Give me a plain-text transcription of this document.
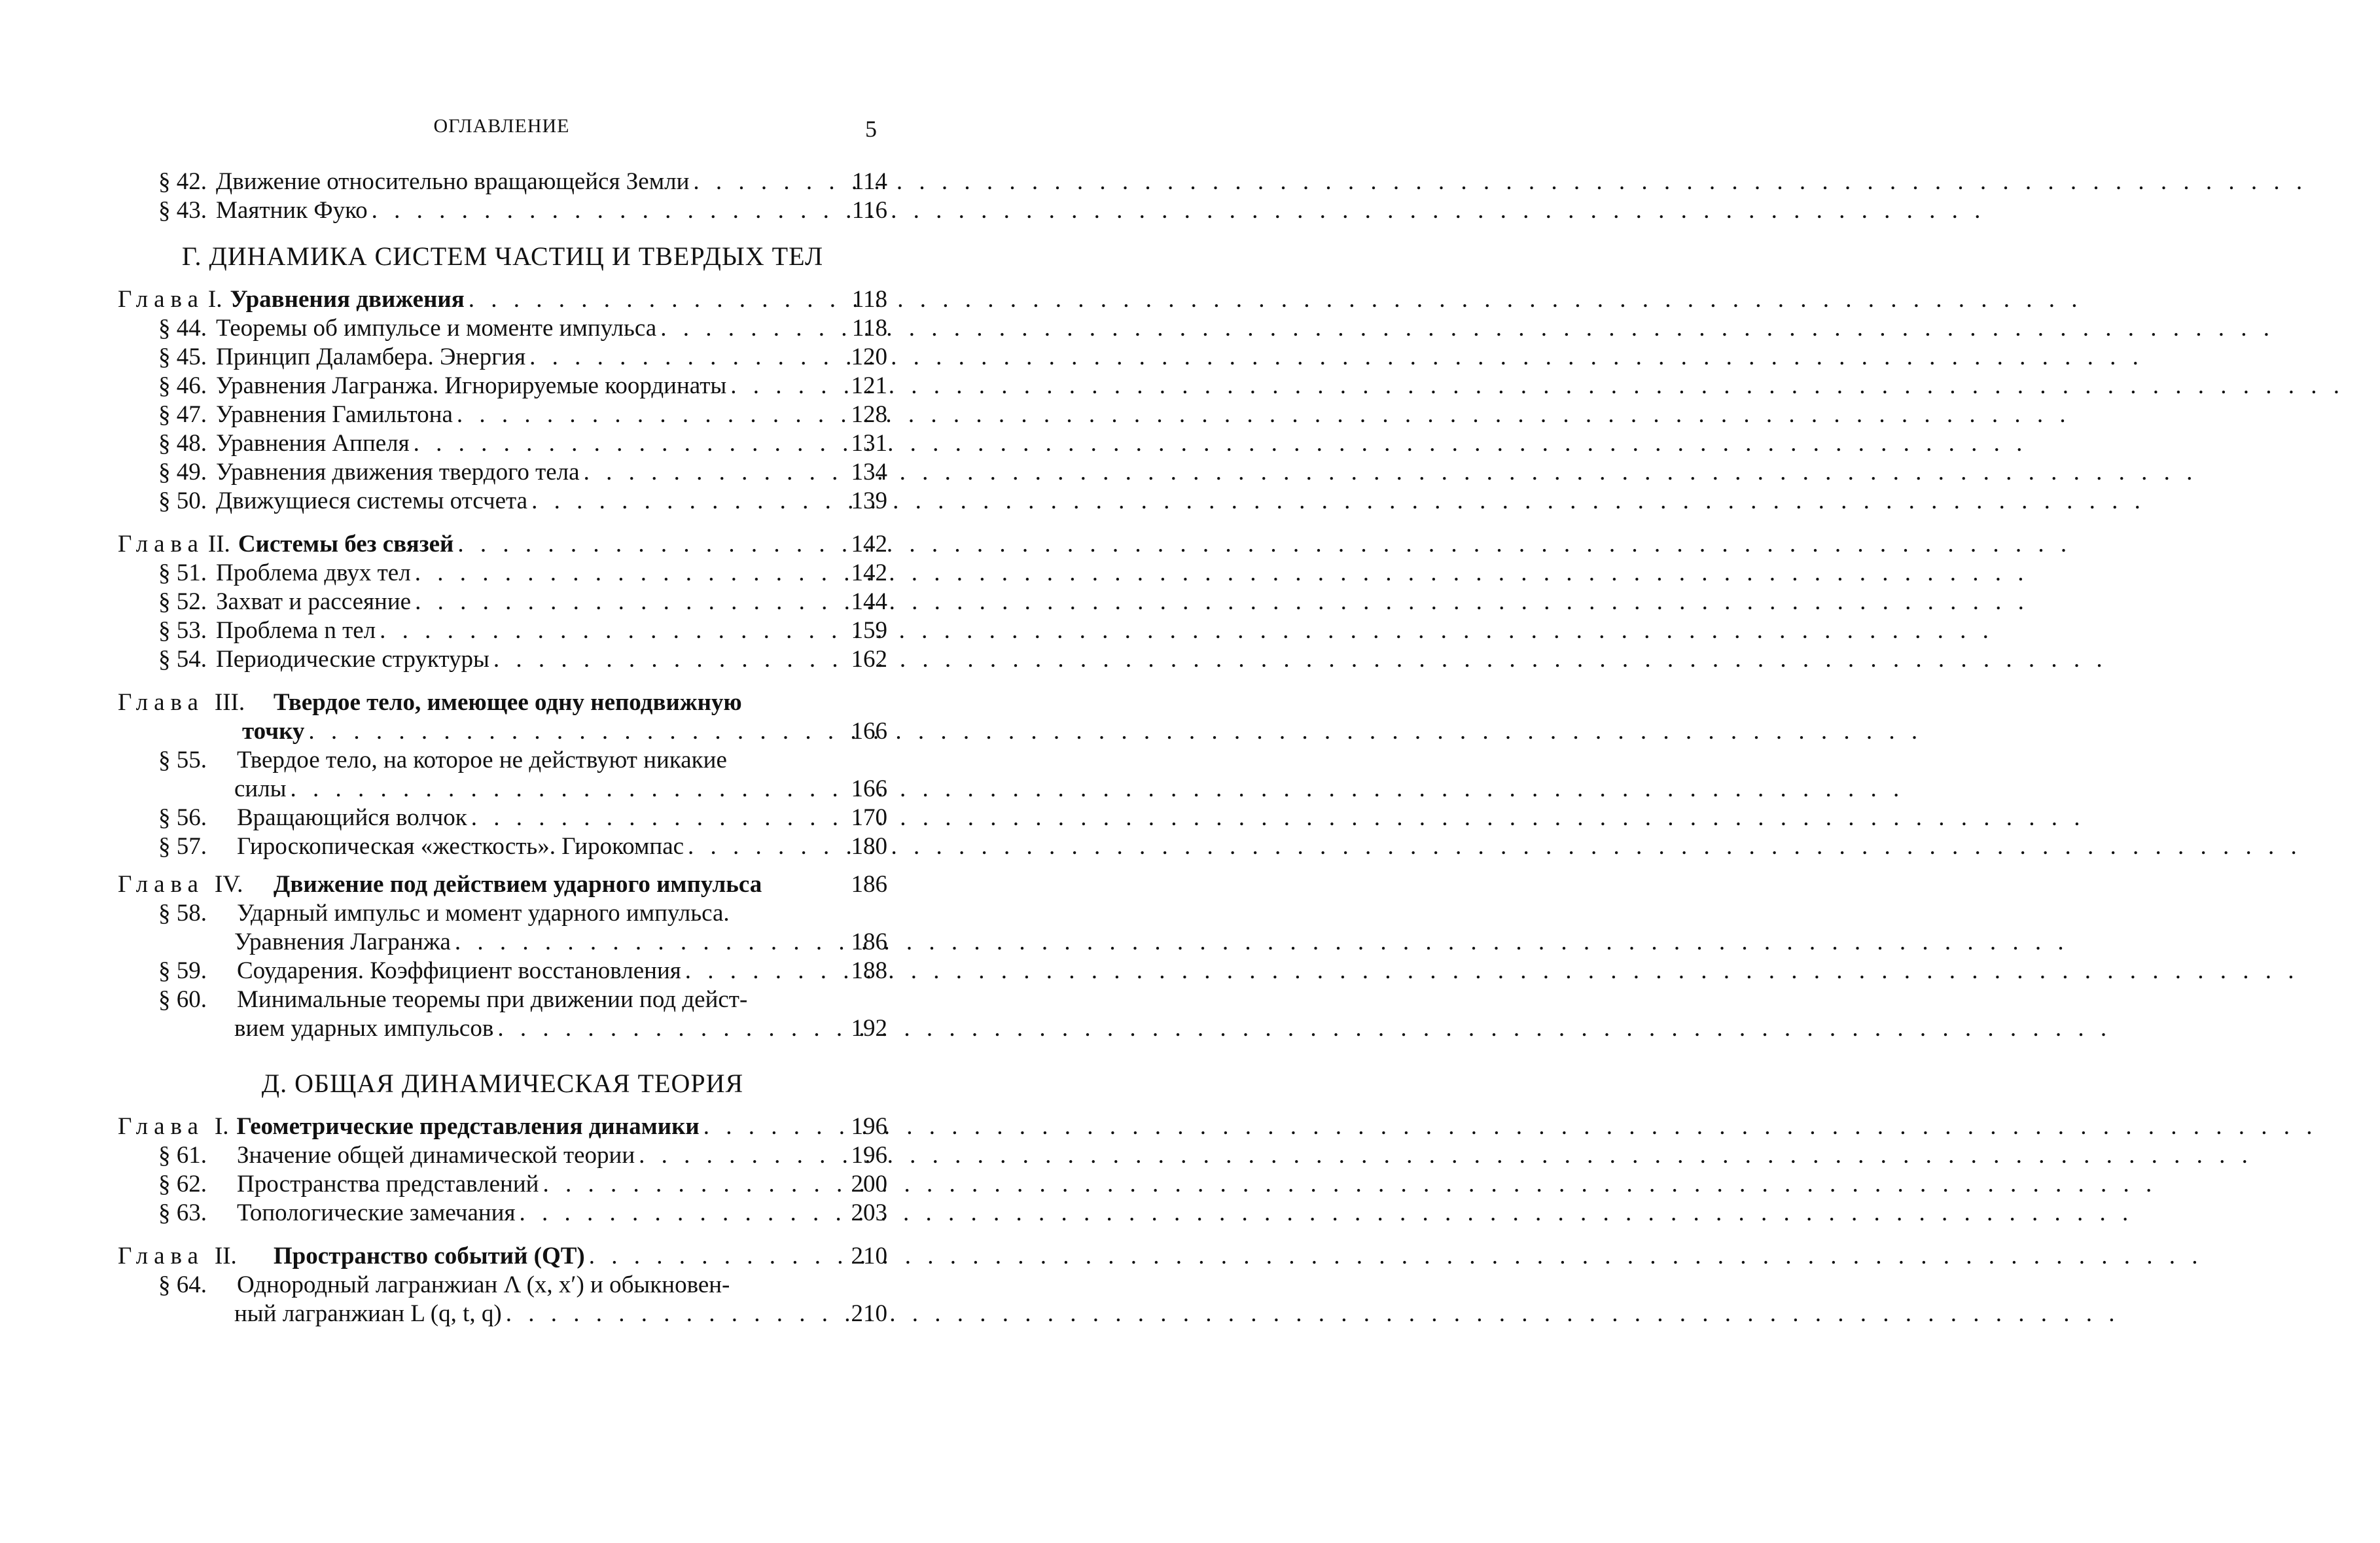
ОГЛАВЛЕНИЕ	5
§ 42. Движение относительно вращающейся Земли . . .	114
§ 43. Маятник Фуко . . .	116
Г. ДИНАМИКА СИСТЕМ ЧАСТИЦ И ТВЕРДЫХ ТЕЛ
Глава I. Уравнения движения . . .	118
§ 44. Теоремы об импульсе и моменте импульса . . .	118
§ 45. Принцип Даламбера. Энергия . . .	120
§ 46. Уравнения Лагранжа. Игнорируемые координаты . . .	121
§ 47. Уравнения Гамильтона . . .	128
§ 48. Уравнения Аппеля . . .	131
§ 49. Уравнения движения твердого тела . . .	134
§ 50. Движущиеся системы отсчета . . .	139
Глава II. Системы без связей . . .	142
§ 51. Проблема двух тел . . .	142
§ 52. Захват и рассеяние . . .	144
§ 53. Проблема n тел . . .	159
§ 54. Периодические структуры . . .	162
Глава III.	Твердое тело, имеющее одну неподвижную
точку . . .	166
§ 55.	Твердое тело, на которое не действуют никакие
силы . . .	166
§ 56.	Вращающийся волчок . . .	170
§ 57.	Гироскопическая «жесткость». Гирокомпас . . .	180
Глава IV.	Движение под действием ударного импульса	186
§ 58.	Ударный импульс и момент ударного импульса.
Уравнения Лагранжа . . .	186
§ 59.	Соударения. Коэффициент восстановления . . .	188
§ 60.	Минимальные теоремы при движении под дейст-
вием ударных импульсов . . .	192
Д. ОБЩАЯ ДИНАМИЧЕСКАЯ ТЕОРИЯ
Глава I. Геометрические представления динамики . . .	196
§ 61.	Значение общей динамической теории . . .	196
§ 62.	Пространства представлений . . .	200
§ 63.	Топологические замечания . . .	203
Глава II.	Пространство событий (QT) . . .	210
§ 64.	Однородный лагранжиан Λ (x, x′) и обыкновен-
ный лагранжиан L (q, t, q) . . .	210
